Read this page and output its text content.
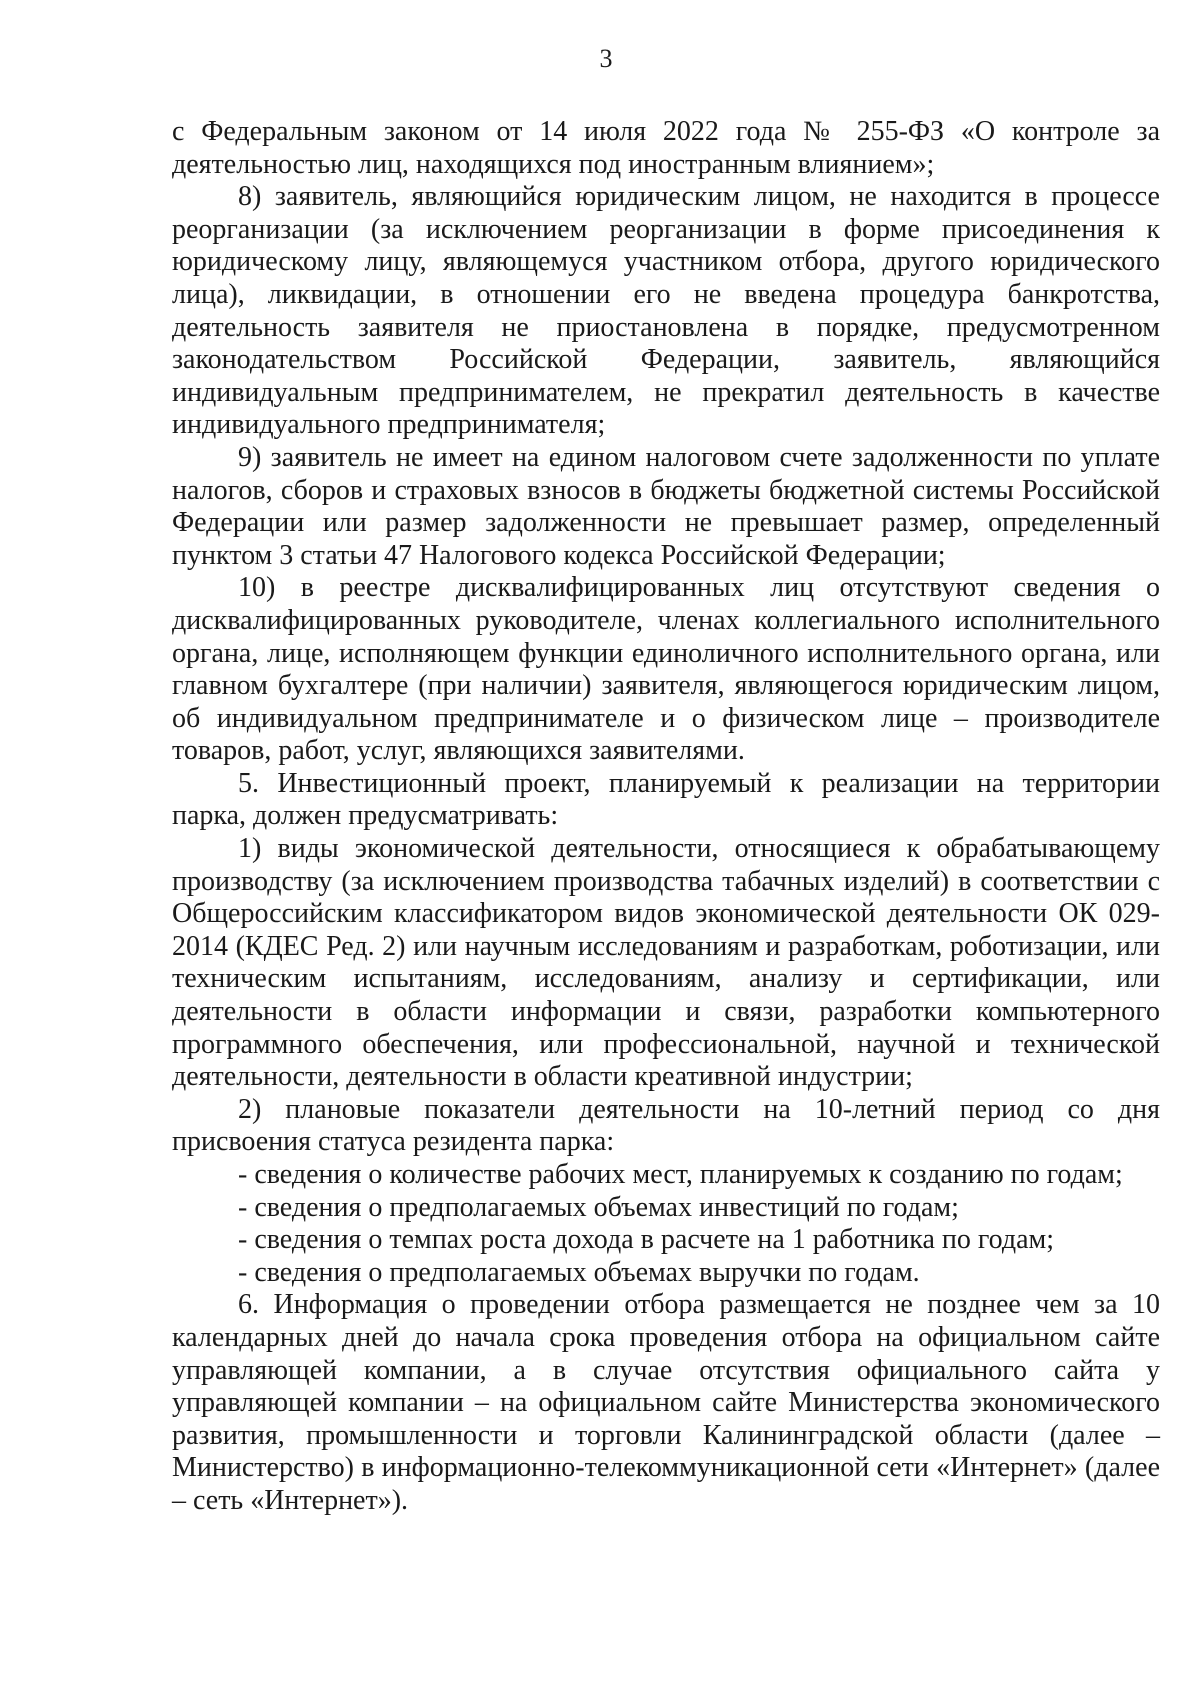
3

с Федеральным законом от 14 июля 2022 года № 255-ФЗ «О контроле за деятельностью лиц, находящихся под иностранным влиянием»;

8) заявитель, являющийся юридическим лицом, не находится в процессе реорганизации (за исключением реорганизации в форме присоединения к юридическому лицу, являющемуся участником отбора, другого юридического лица), ликвидации, в отношении его не введена процедура банкротства, деятельность заявителя не приостановлена в порядке, предусмотренном законодательством Российской Федерации, заявитель, являющийся индивидуальным предпринимателем, не прекратил деятельность в качестве индивидуального предпринимателя;

9) заявитель не имеет на едином налоговом счете задолженности по уплате налогов, сборов и страховых взносов в бюджеты бюджетной системы Российской Федерации или размер задолженности не превышает размер, определенный пунктом 3 статьи 47 Налогового кодекса Российской Федерации;

10) в реестре дисквалифицированных лиц отсутствуют сведения о дисквалифицированных руководителе, членах коллегиального исполнительного органа, лице, исполняющем функции единоличного исполнительного органа, или главном бухгалтере (при наличии) заявителя, являющегося юридическим лицом, об индивидуальном предпринимателе и о физическом лице – производителе товаров, работ, услуг, являющихся заявителями.

5. Инвестиционный проект, планируемый к реализации на территории парка, должен предусматривать:

1) виды экономической деятельности, относящиеся к обрабатывающему производству (за исключением производства табачных изделий) в соответствии с Общероссийским классификатором видов экономической деятельности ОК 029-2014 (КДЕС Ред. 2) или научным исследованиям и разработкам, роботизации, или техническим испытаниям, исследованиям, анализу и сертификации, или деятельности в области информации и связи, разработки компьютерного программного обеспечения, или профессиональной, научной и технической деятельности, деятельности в области креативной индустрии;

2) плановые показатели деятельности на 10-летний период со дня присвоения статуса резидента парка:

- сведения о количестве рабочих мест, планируемых к созданию по годам;

- сведения о предполагаемых объемах инвестиций по годам;

- сведения о темпах роста дохода в расчете на 1 работника по годам;

- сведения о предполагаемых объемах выручки по годам.

6. Информация о проведении отбора размещается не позднее чем за 10 календарных дней до начала срока проведения отбора на официальном сайте управляющей компании, а в случае отсутствия официального сайта у управляющей компании – на официальном сайте Министерства экономического развития, промышленности и торговли Калининградской области (далее – Министерство) в информационно-телекоммуникационной сети «Интернет» (далее – сеть «Интернет»).
